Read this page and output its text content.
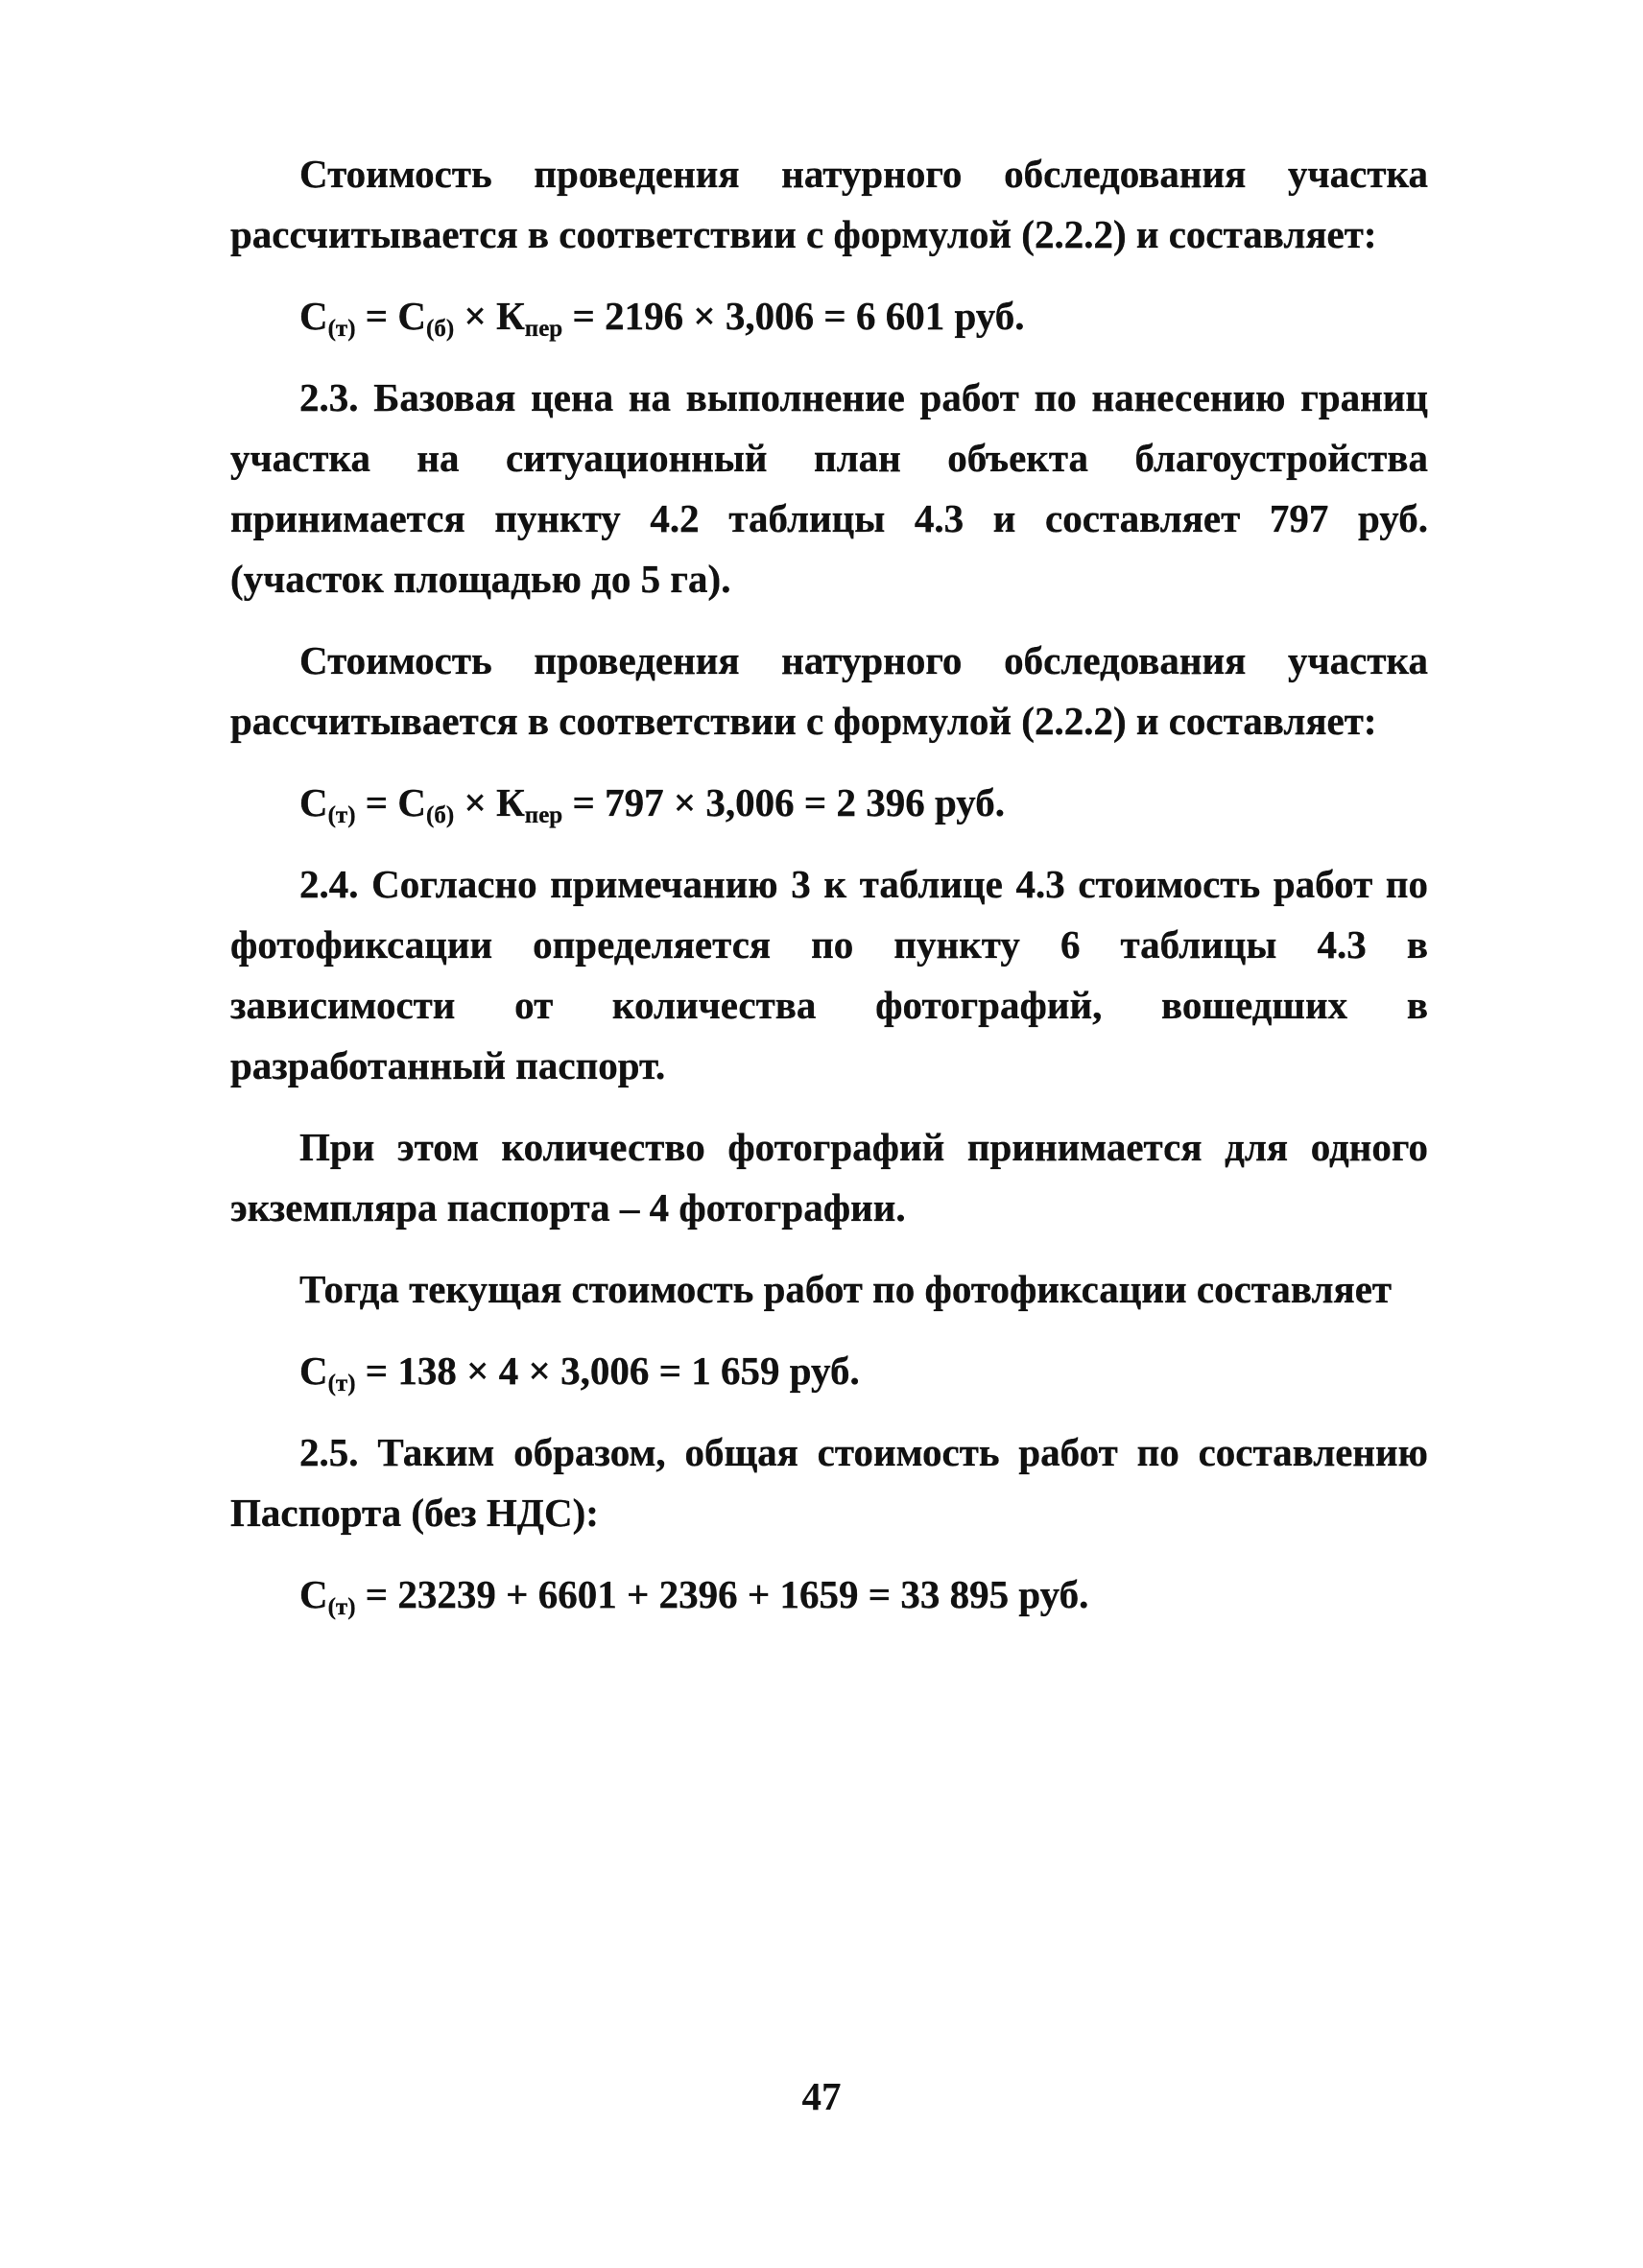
Стоимость проведения натурного обследования участка рассчитывается в соответствии с формулой (2.2.2) и составляет:

$С_{(т)} = С_{(б)} \times К_{пер} = 2196 \times 3,006 = 6$ 601 руб.

2.3. Базовая цена на выполнение работ по нанесению границ участка на ситуационный план объекта благоустройства принимается пункту 4.2 таблицы 4.3 и составляет 797 руб. (участок площадью до 5 га).

Стоимость проведения натурного обследования участка рассчитывается в соответствии с формулой (2.2.2) и составляет:

$С_{(т)} = С_{(б)} \times К_{пер} = 797 \times 3,006 = 2$ 396 руб.

2.4. Согласно примечанию 3 к таблице 4.3 стоимость работ по фотофиксации определяется по пункту 6 таблицы 4.3 в зависимости от количества фотографий, вошедших в разработанный паспорт.

При этом количество фотографий принимается для одного экземпляра паспорта – 4 фотографии.

Тогда текущая стоимость работ по фотофиксации составляет

$С_{(т)} = 138 \times 4 \times 3,006 = 1$ 659 руб.

2.5. Таким образом, общая стоимость работ по составлению Паспорта (без НДС):

$С_{(т)} = 23239 + 6601 + 2396 + 1659 = 33$ 895 руб.
47
